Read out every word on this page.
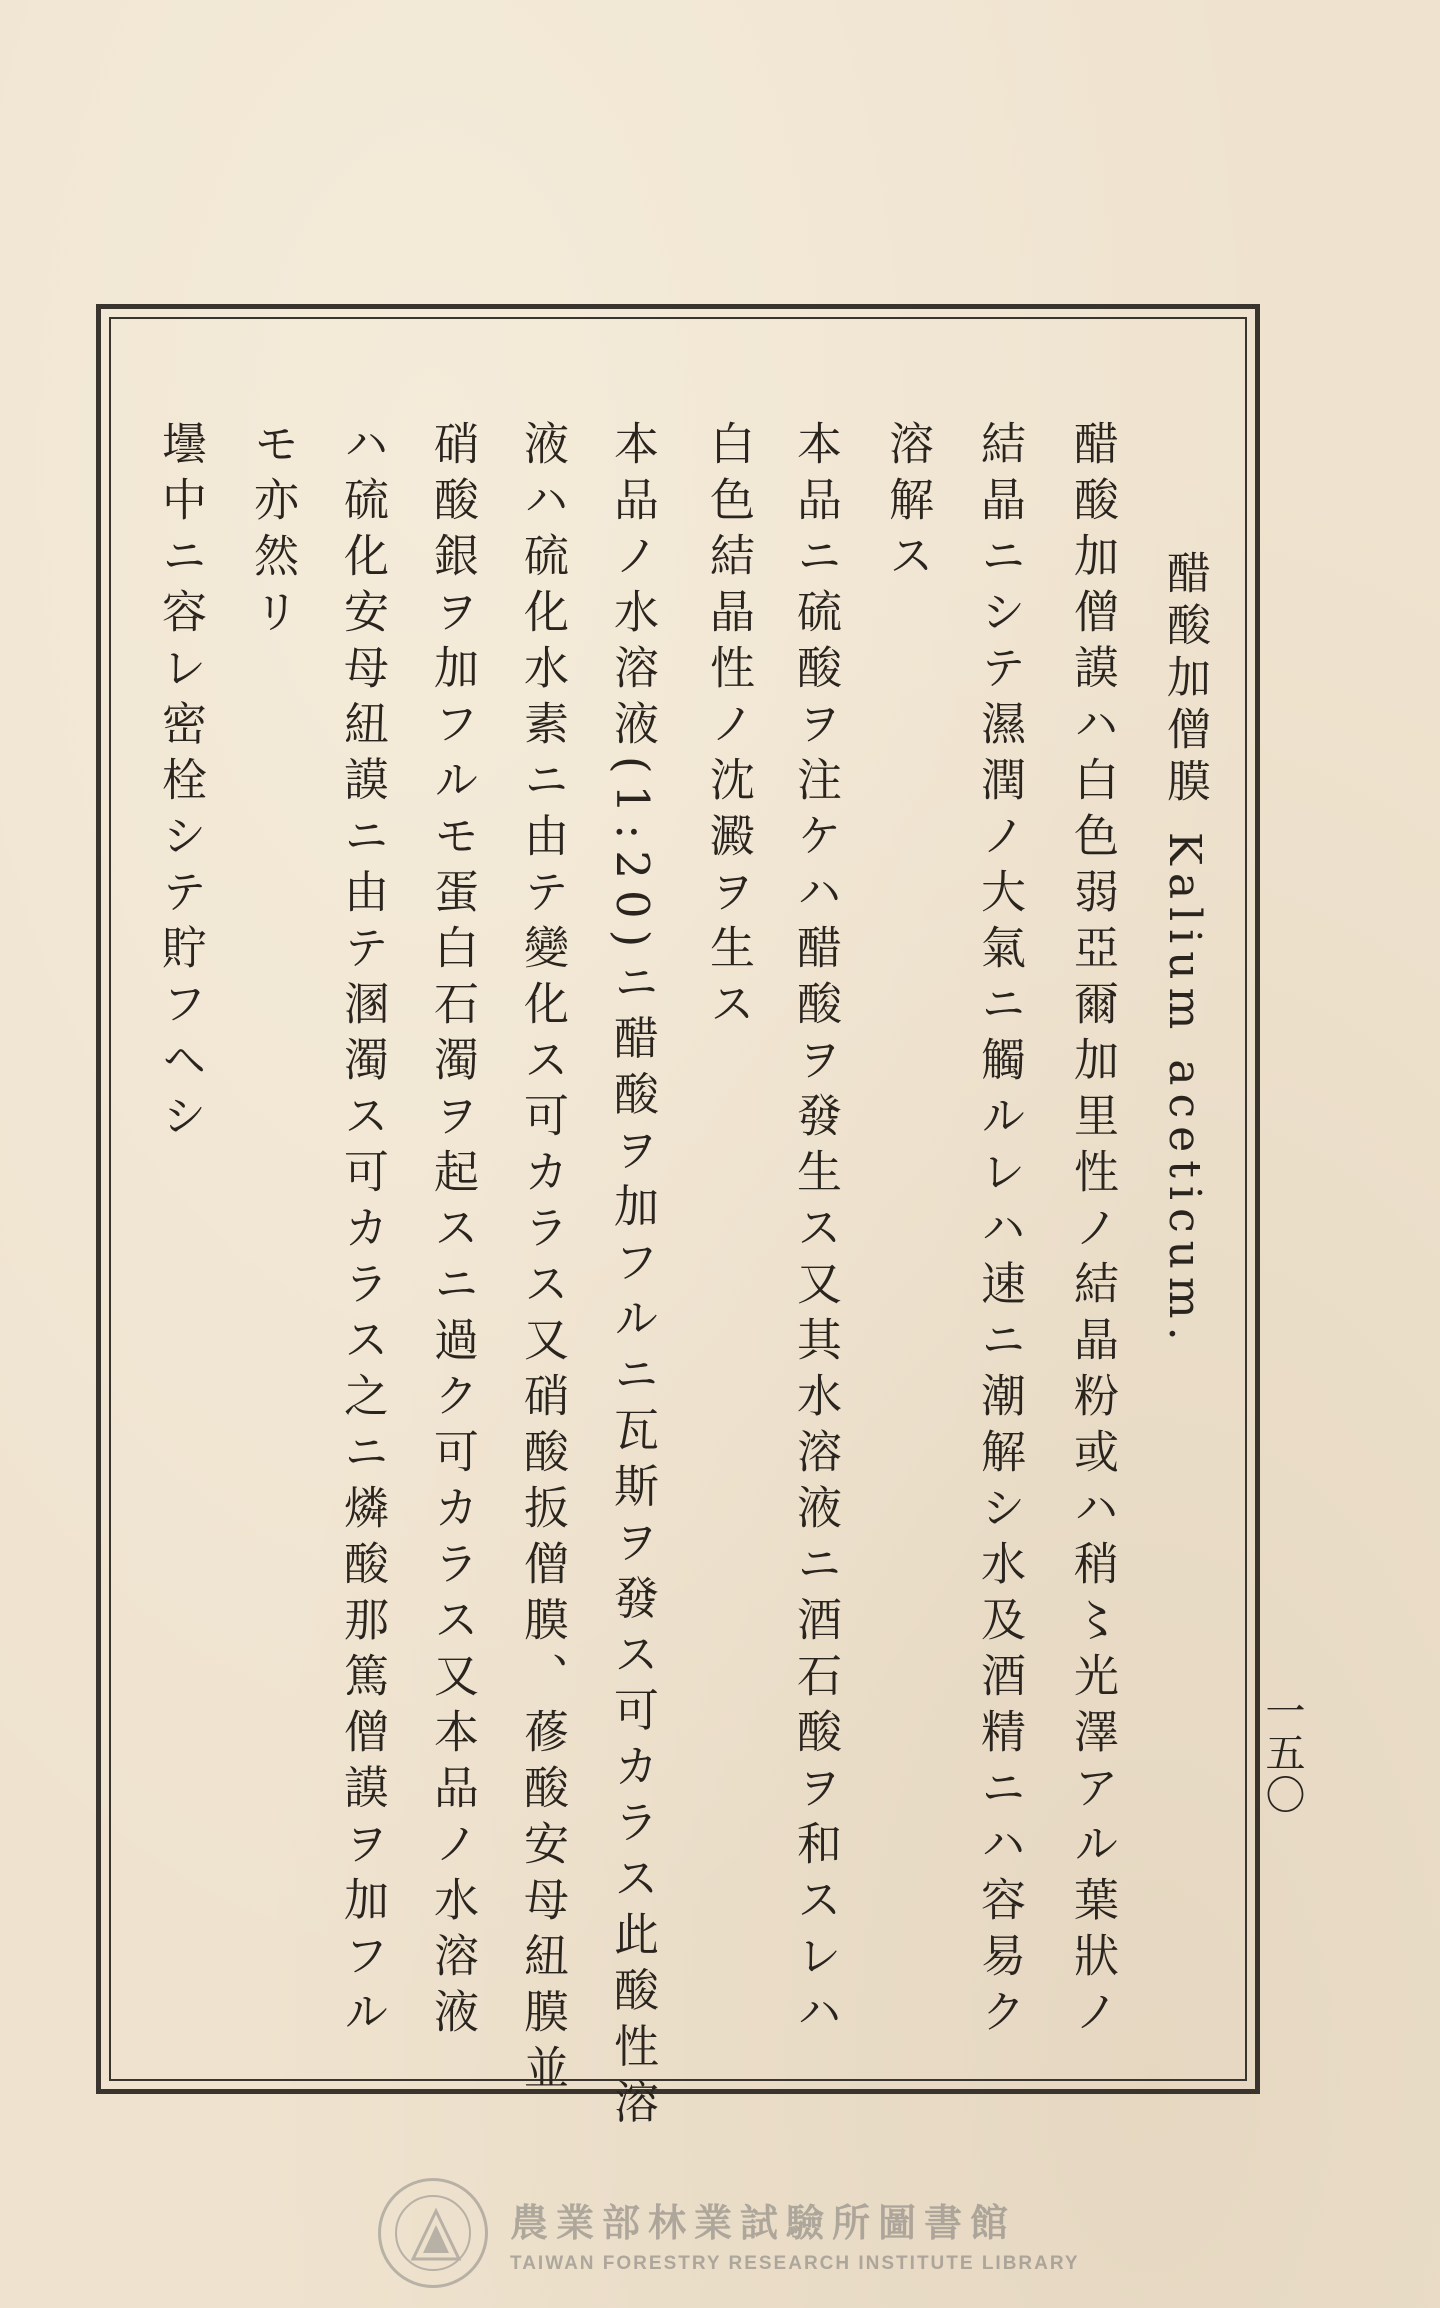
醋酸加僧膜 Kalium aceticum.
醋酸加僧謨ハ白色弱亞爾加里性ノ結晶粉或ハ稍〻光澤アル葉狀ノ
結晶ニシテ濕潤ノ大氣ニ觸ルレハ速ニ潮解シ水及酒精ニハ容易ク
溶解ス
本品ニ硫酸ヲ注ケハ醋酸ヲ發生ス又其水溶液ニ酒石酸ヲ和スレハ
白色結晶性ノ沈澱ヲ生ス
本品ノ水溶液(1:20)ニ醋酸ヲ加フルニ瓦斯ヲ發ス可カラス此酸性溶
液ハ硫化水素ニ由テ變化ス可カラス又硝酸扳僧膜、蓚酸安母紐膜並
硝酸銀ヲ加フルモ蛋白石濁ヲ起スニ過ク可カラス又本品ノ水溶液
ハ硫化安母紐謨ニ由テ溷濁ス可カラス之ニ燐酸那篤僧謨ヲ加フル
モ亦然リ
壜中ニ容レ密栓シテ貯フヘシ
一五〇
農業部林業試驗所圖書館
TAIWAN FORESTRY RESEARCH INSTITUTE LIBRARY
